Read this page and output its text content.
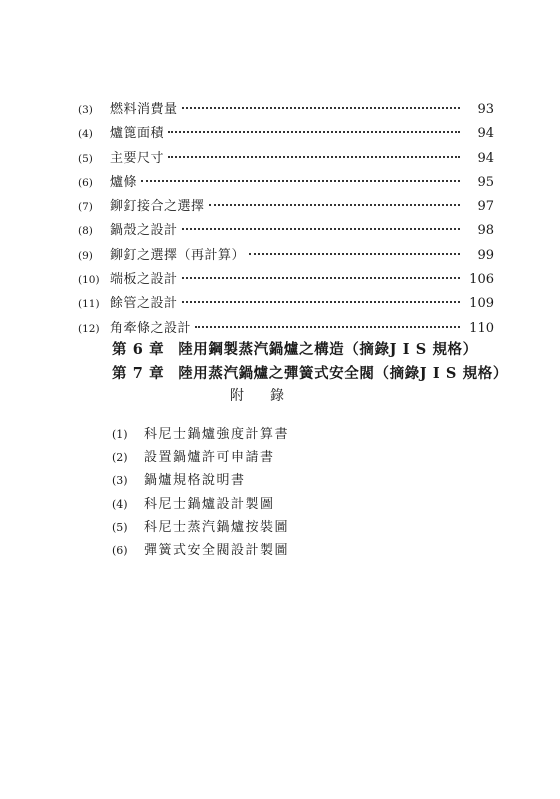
(3)	燃料消費量	93
(4)	爐篦面積	94
(5)	主要尺寸	94
(6)	爐條	95
(7)	鉚釘接合之選擇	97
(8)	鍋殼之設計	98
(9)	鉚釘之選擇（再計算）	99
(10) 端板之設計	106
(11) 餘管之設計	109
(12) 角牽條之設計	110
第 6 章 陸用鋼製蒸汽鍋爐之構造（摘錄J I S 規格）
第 7 章 陸用蒸汽鍋爐之彈簧式安全閥（摘錄J I S 規格）
附錄
(1)	科尼士鍋爐強度計算書
(2)	設置鍋爐許可申請書
(3)	鍋爐規格說明書
(4)	科尼士鍋爐設計製圖
(5)	科尼士蒸汽鍋爐按裝圖
(6)	彈簧式安全閥設計製圖
